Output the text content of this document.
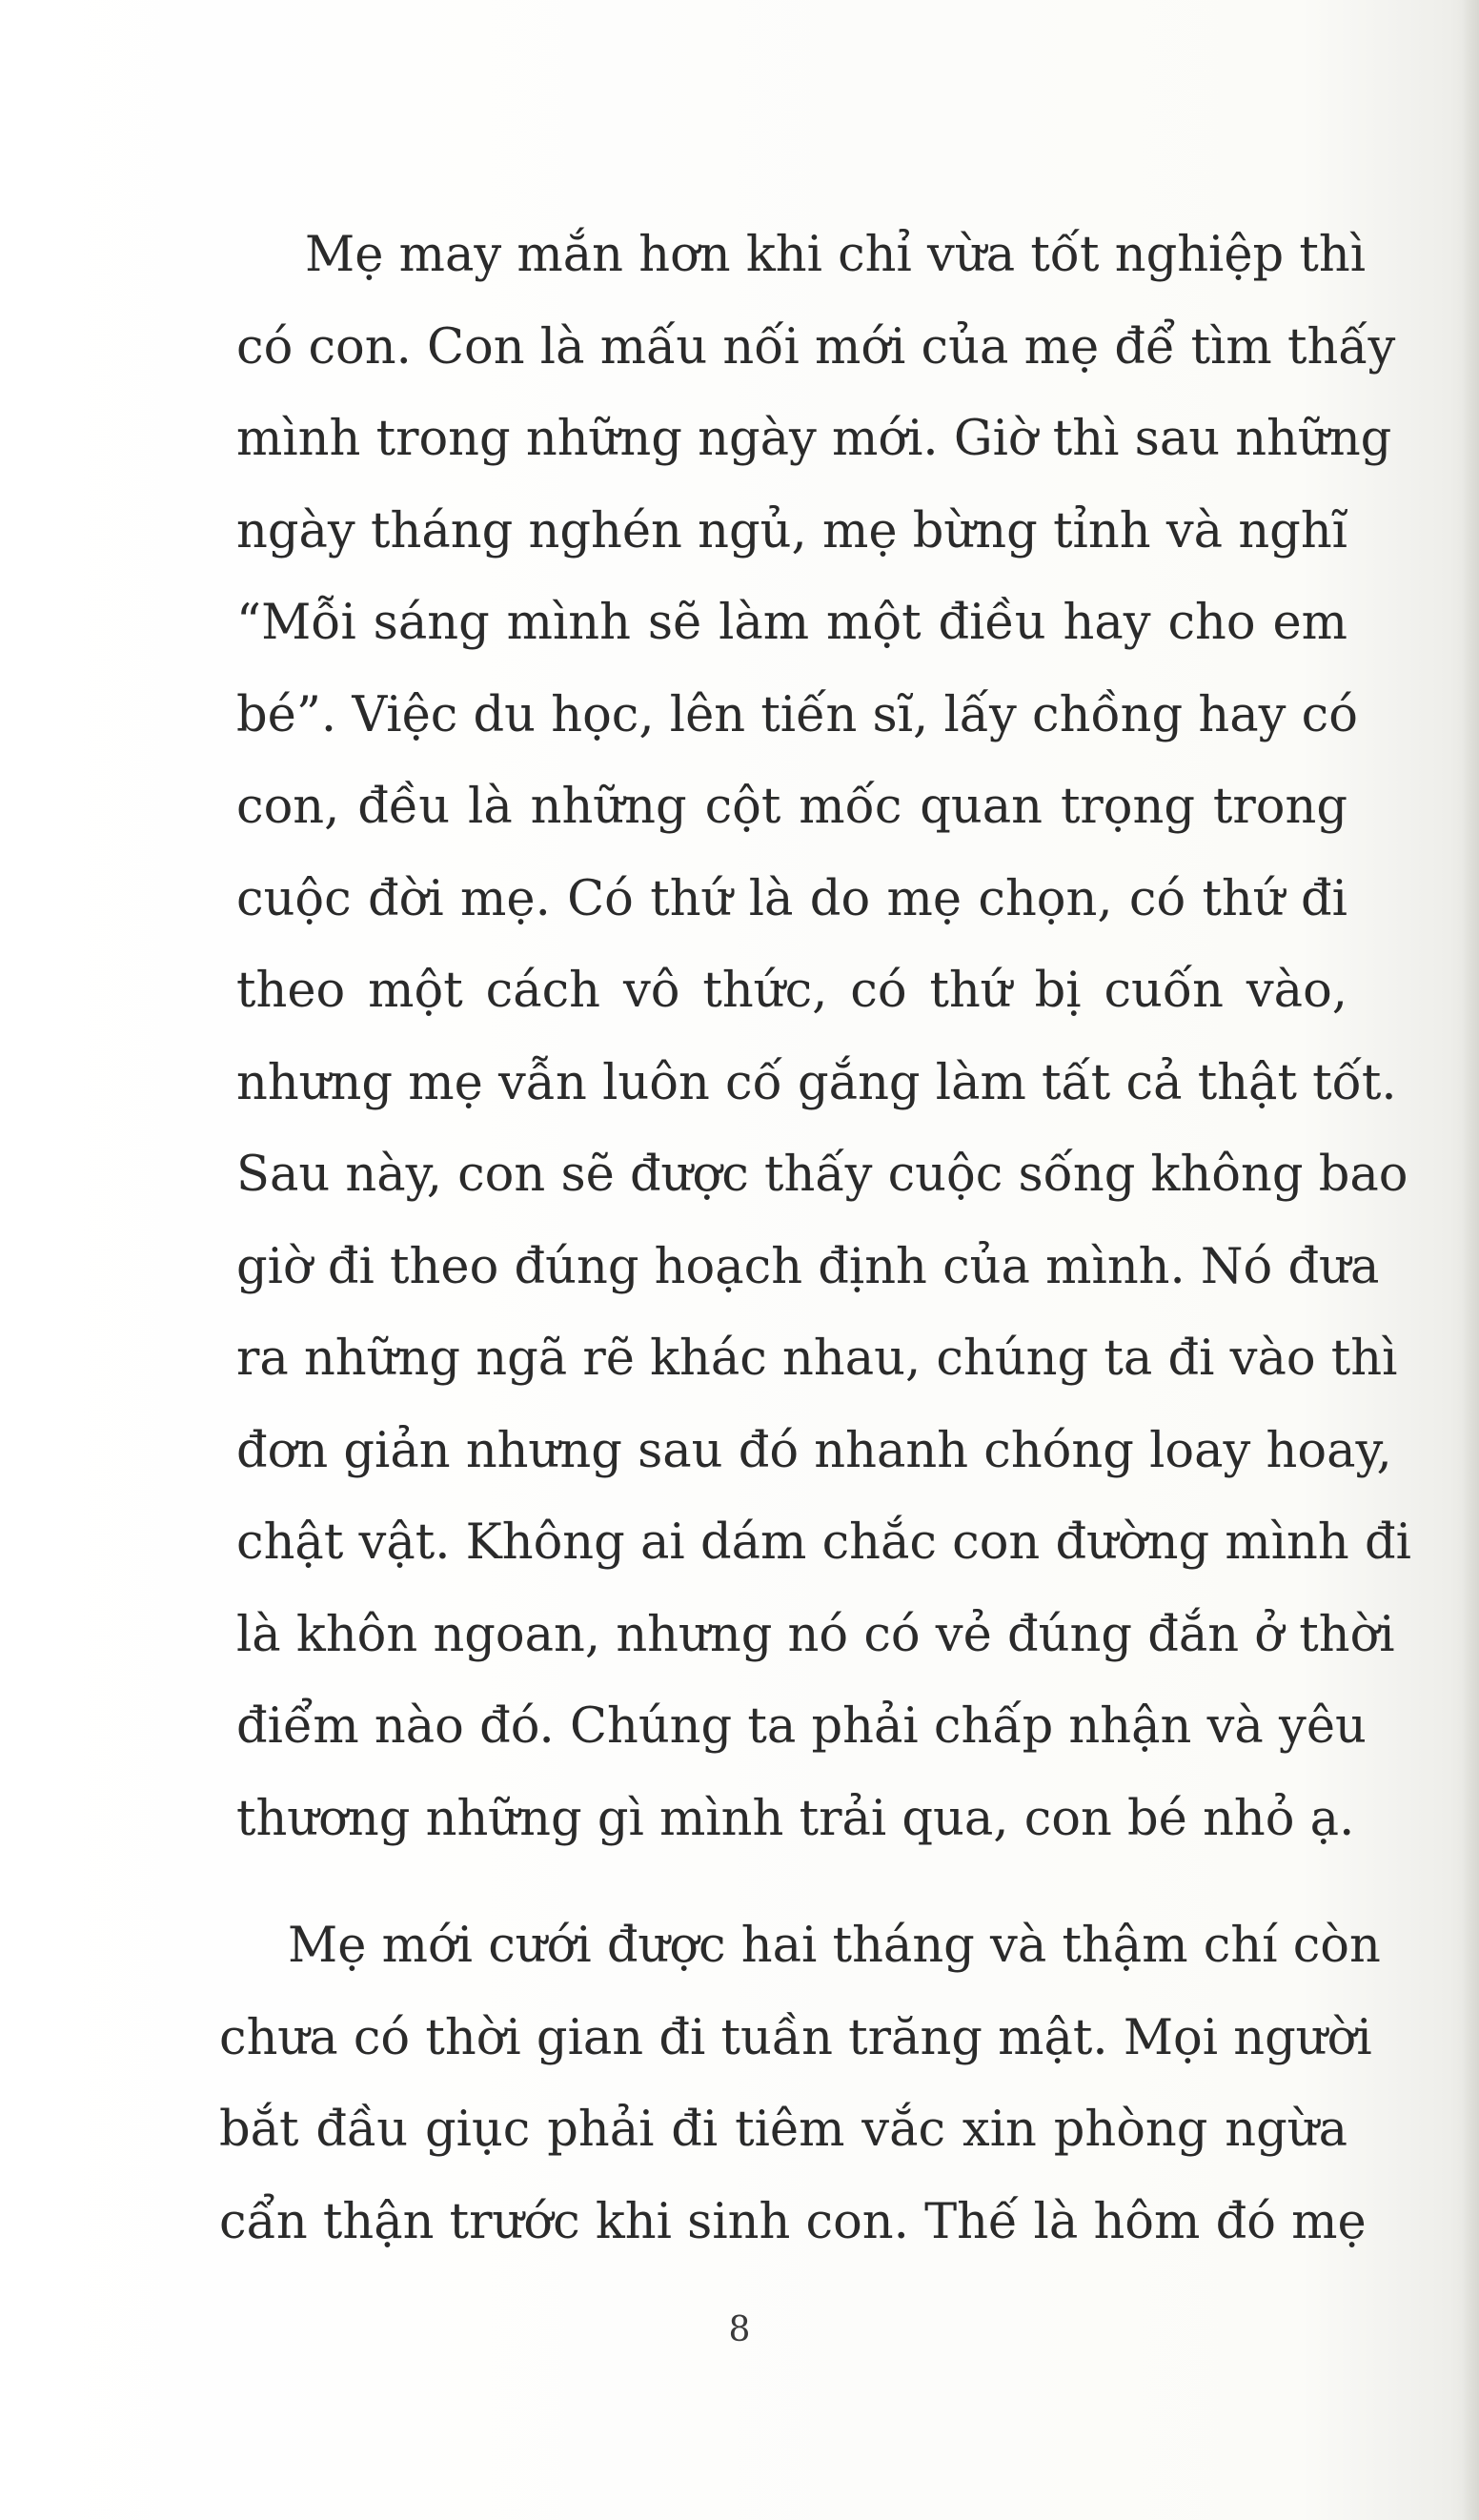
Mẹ may mắn hơn khi chỉ vừa tốt nghiệp thì
có con. Con là mấu nối mới của mẹ để tìm thấy
mình trong những ngày mới. Giờ thì sau những
ngày tháng nghén ngủ, mẹ bừng tỉnh và nghĩ
“Mỗi sáng mình sẽ làm một điều hay cho em
bé”. Việc du học, lên tiến sĩ, lấy chồng hay có
con, đều là những cột mốc quan trọng trong
cuộc đời mẹ. Có thứ là do mẹ chọn, có thứ đi
theo một cách vô thức, có thứ bị cuốn vào,
nhưng mẹ vẫn luôn cố gắng làm tất cả thật tốt.
Sau này, con sẽ được thấy cuộc sống không bao
giờ đi theo đúng hoạch định của mình. Nó đưa
ra những ngã rẽ khác nhau, chúng ta đi vào thì
đơn giản nhưng sau đó nhanh chóng loay hoay,
chật vật. Không ai dám chắc con đường mình đi
là khôn ngoan, nhưng nó có vẻ đúng đắn ở thời
điểm nào đó. Chúng ta phải chấp nhận và yêu
thương những gì mình trải qua, con bé nhỏ ạ.
Mẹ mới cưới được hai tháng và thậm chí còn
chưa có thời gian đi tuần trăng mật. Mọi người
bắt đầu giục phải đi tiêm vắc xin phòng ngừa
cẩn thận trước khi sinh con. Thế là hôm đó mẹ
8
